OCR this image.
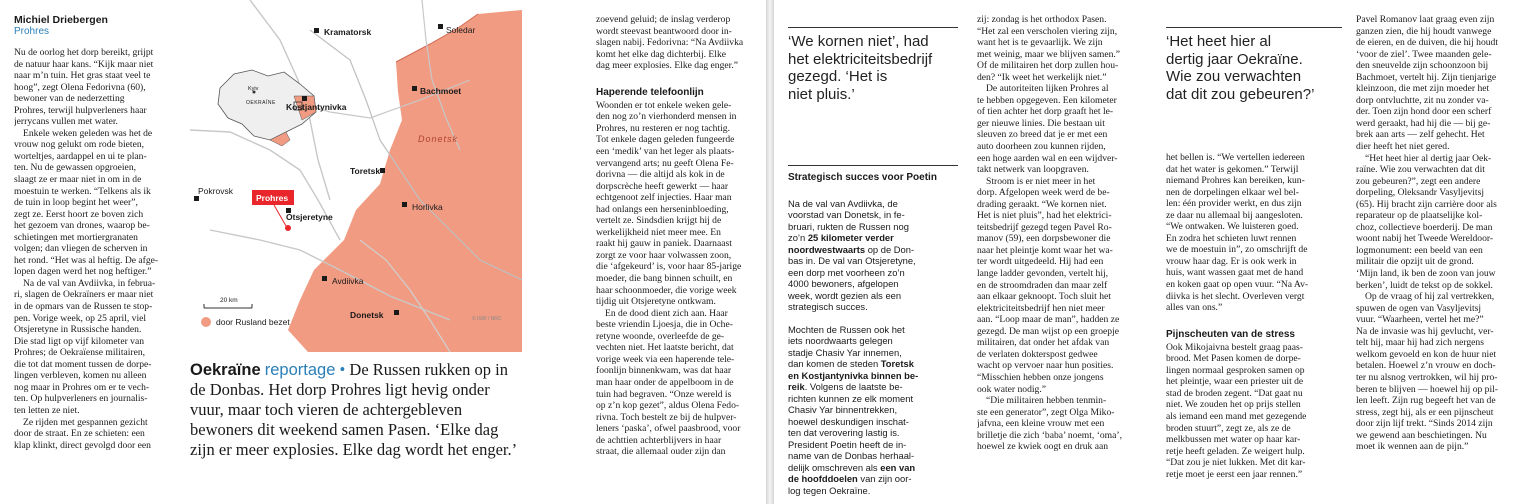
Michiel Driebergen
Prohres
Nu de oorlog het dorp bereikt, grijpt
de natuur haar kans. “Kijk maar niet
naar m’n tuin. Het gras staat veel te
hoog”, zegt Olena Fedorivna (60),
bewoner van de nederzetting
Prohres, terwijl hulpverleners haar
jerrycans vullen met water.
Enkele weken geleden was het de
vrouw nog gelukt om rode bieten,
worteltjes, aardappel en ui te plan-
ten. Nu de gewassen opgroeien,
slaagt ze er maar niet in om in de
moestuin te werken. “Telkens als ik
de tuin in loop begint het weer”,
zegt ze. Eerst hoort ze boven zich
het gezoem van drones, waarop be-
schietingen met mortiergranaten
volgen; dan vliegen de scherven in
het rond. “Het was al heftig. De afge-
lopen dagen werd het nog heftiger.”
Na de val van Avdiivka, in februa-
ri, slagen de Oekraïners er maar niet
in de opmars van de Russen te stop-
pen. Vorige week, op 25 april, viel
Otsjeretyne in Russische handen.
Die stad ligt op vijf kilometer van
Prohres; de Oekraïense militairen,
die tot dat moment tussen de dorpe-
lingen verbleven, komen nu alleen
nog maar in Prohres om er te vech-
ten. Op hulpverleners en journalis-
ten letten ze niet.
Ze rijden met gespannen gezicht
door de straat. En ze schieten: een
klap klinkt, direct gevolgd door een
Kyiv
OEKRAÏNE
Kramatorsk	Soledar
Bachmoet
Kostjantynivka
Toretsk
Horlivka
Otsjeretyne
Avdiivka
Pokrovsk
Donetsk
Donetsk
Prohres
20 km
door Rusland bezet	© ISW / NRC
Oekraïne reportage • De Russen rukken op in de Donbas. Het dorp Prohres ligt hevig onder vuur, maar toch vieren de achtergebleven bewoners dit weekend samen Pasen. ‘Elke dag zijn er meer explosies. Elke dag wordt het enger.’
zoevend geluid; de inslag verderop
wordt steevast beantwoord door in-
slagen nabij. Fedorivna: “Na Avdiivka
komt het elke dag dichterbij. Elke
dag meer explosies. Elke dag enger.”

Haperende telefoonlijn
Woonden er tot enkele weken gele-
den nog zo’n vierhonderd mensen in
Prohres, nu resteren er nog tachtig.
Tot enkele dagen geleden fungeerde
een ‘medik’ van het leger als plaats-
vervangend arts; nu geeft Olena Fe-
dorivna — die altijd als kok in de
dorpscrèche heeft gewerkt — haar
echtgenoot zelf injecties. Haar man
had onlangs een herseninbloeding,
vertelt ze. Sindsdien krijgt hij de
werkelijkheid niet meer mee. En
raakt hij gauw in paniek. Daarnaast
zorgt ze voor haar volwassen zoon,
die ‘afgekeurd’ is, voor haar 85-jarige
moeder, die bang binnen schuilt, en
haar schoonmoeder, die vorige week
tijdig uit Otsjeretyne ontkwam.
En de dood dient zich aan. Haar
beste vriendin Ljoesja, die in Oche-
retyne woonde, overleefde de ge-
vechten niet. Het laatste bericht, dat
vorige week via een haperende tele-
foonlijn binnenkwam, was dat haar
man haar onder de appelboom in de
tuin had begraven. “Onze wereld is
op z’n kop gezet”, aldus Olena Fedo-
rivna. Toch bestelt ze bij de hulpver-
leners ‘paska’, ofwel paasbrood, voor
de achttien achterblijvers in haar
straat, die allemaal ouder zijn dan
‘We kornen niet’, had
het elektriciteitsbedrijf
gezegd. ‘Het is
niet pluis.’
zij: zondag is het orthodox Pasen.
“Het zal een verscholen viering zijn,
want het is te gevaarlijk. We zijn
met weinig, maar we blijven samen.”
Of de militairen het dorp zullen hou-
den? “Ik weet het werkelijk niet.”
De autoriteiten lijken Prohres al
te hebben opgegeven. Een kilometer
of tien achter het dorp graaft het le-
ger nieuwe linies. Die bestaan uit
sleuven zo breed dat je er met een
auto doorheen zou kunnen rijden,
een hoge aarden wal en een wijdver-
takt netwerk van loopgraven.
Stroom is er niet meer in het
dorp. Afgelopen week werd de be-
drading geraakt. “We kornen niet.
Het is niet pluis”, had het elektrici-
teitsbedrijf gezegd tegen Pavel Ro-
manov (59), een dorpsbewoner die
naar het pleintje komt waar het wa-
ter wordt uitgedeeld. Hij had een
lange ladder gevonden, vertelt hij,
en de stroomdraden dan maar zelf
aan elkaar geknoopt. Toch sluit het
elektriciteitsbedrijf hen niet meer
aan. “Loop maar de man”, hadden ze
gezegd. De man wijst op een groepje
militairen, dat onder het afdak van
de verlaten dokterspost gedwee
wacht op vervoer naar hun posities.
“Misschien hebben onze jongens
ook water nodig.”
“Die militairen hebben tenmin-
ste een generator”, zegt Olga Miko-
jafvna, een kleine vrouw met een
brilletje die zich ‘baba’ noemt, ‘oma’,
hoewel ze kwiek oogt en druk aan
‘Het heet hier al
dertig jaar Oekraïne.
Wie zou verwachten
dat dit zou gebeuren?’
het bellen is. “We vertellen iedereen
dat het water is gekomen.” Terwijl
niemand Prohres kan bereiken, kun-
nen de dorpelingen elkaar wel bel-
len: één provider werkt, en dus zijn
ze daar nu allemaal bij aangesloten.
“We ontwaken. We luisteren goed.
En zodra het schieten luwt rennen
we de moestuin in”, zo omschrijft de
vrouw haar dag. Er is ook werk in
huis, want wassen gaat met de hand
en koken gaat op open vuur. “Na Av-
diivka is het slecht. Overleven vergt
alles van ons.”

Pijnscheuten van de stress
Ook Mikojaivna bestelt graag paas-
brood. Met Pasen komen de dorpe-
lingen normaal gesproken samen op
het pleintje, waar een priester uit de
stad de broden zegent. “Dat gaat nu
niet. We zouden het op prijs stellen
als iemand een mand met gezegende
broden stuurt”, zegt ze, als ze de
melkbussen met water op haar kar-
retje heeft geladen. Ze weigert hulp.
“Dat zou je niet lukken. Met dit kar-
retje moet je eerst een jaar rennen.”
Pavel Romanov laat graag even zijn
ganzen zien, die hij houdt vanwege
de eieren, en de duiven, die hij houdt
‘voor de ziel’. Twee maanden gele-
den sneuvelde zijn schoonzoon bij
Bachmoet, vertelt hij. Zijn tienjarige
kleinzoon, die met zijn moeder het
dorp ontvluchtte, zit nu zonder va-
der. Toen zijn hond door een scherf
werd geraakt, had hij die — bij ge-
brek aan arts — zelf gehecht. Het
dier heeft het niet gered.
“Het heet hier al dertig jaar Oek-
raïne. Wie zou verwachten dat dit
zou gebeuren?”, zegt een andere
dorpeling, Oleksandr Vasyljevitsj
(65). Hij bracht zijn carrière door als
reparateur op de plaatselijke kol-
choz, collectieve boerderij. De man
woont nabij het Tweede Wereldoor-
logmonument: een beeld van een
militair die opzijt uit de grond.
‘Mijn land, ik ben de zoon van jouw
berken’, luidt de tekst op de sokkel.
Op de vraag of hij zal vertrekken,
spuwen de ogen van Vasyljevitsj
vuur. “Waarheen, vertel het me?”
Na de invasie was hij gevlucht, ver-
telt hij, maar hij had zich nergens
welkom gevoeld en kon de huur niet
betalen. Hoewel z’n vrouw en doch-
ter nu alsnog vertrokken, wil hij pro-
beren te blijven — hoewel hij op pil-
len leeft. Zijn rug begeeft het van de
stress, zegt hij, als er een pijnscheut
door zijn lijf trekt. “Sinds 2014 zijn
we gewend aan beschietingen. Nu
moet ik wennen aan de pijn.”
Strategisch succes voor Poetin

Na de val van Avdiivka, de
voorstad van Donetsk, in fe-
bruari, rukten de Russen nog
zo’n 25 kilometer verder
noordwestwaarts op de Don-
bas in. De val van Otsjeretyne,
een dorp met voorheen zo’n
4000 bewoners, afgelopen
week, wordt gezien als een
strategisch succes.

Mochten de Russen ook het
iets noordwaarts gelegen
stadje Chasiv Yar innemen,
dan komen de steden Toretsk
en Kostjantynivka binnen be-
reik. Volgens de laatste be-
richten kunnen ze elk moment
Chasiv Yar binnentrekken,
hoewel deskundigen inschat-
ten dat verovering lastig is.
President Poetin heeft de in-
name van de Donbas herhaal-
delijk omschreven als een van
de hoofddoelen van zijn oor-
log tegen Oekraïne.
